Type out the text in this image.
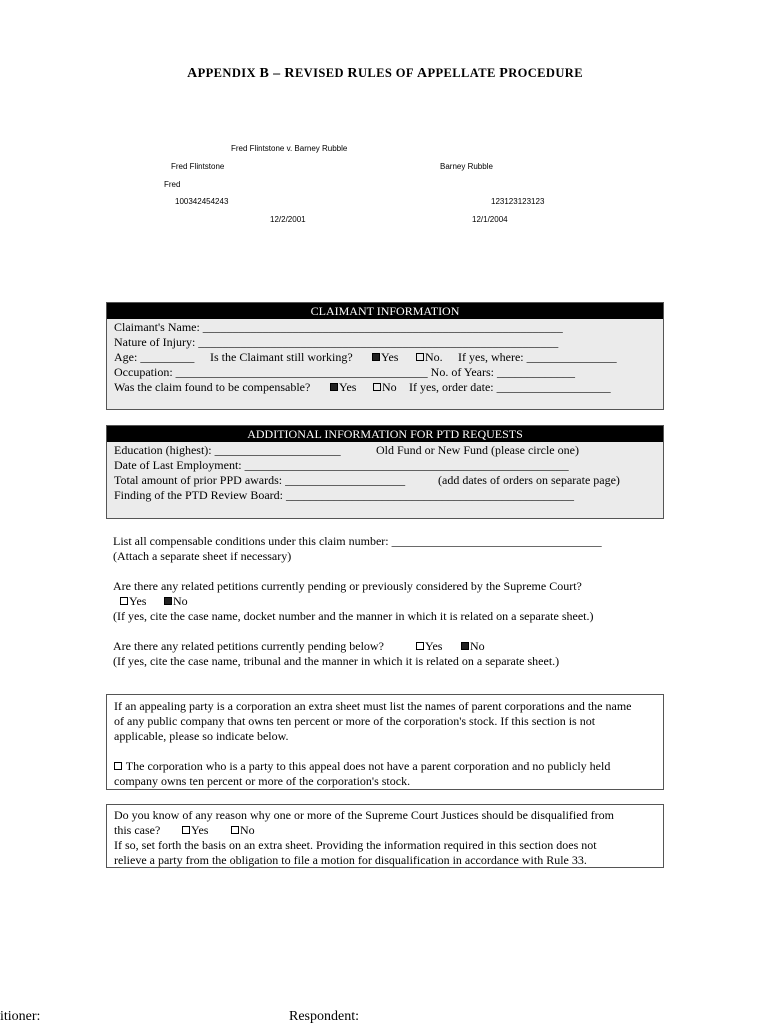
APPENDIX B – REVISED RULES OF APPELLATE PROCEDURE
Fred Flintstone v. Barney Rubble
Fred Flintstone	Barney Rubble
Fred
100342454243	123123123123
12/2/2001	12/1/2004
CLAIMANT INFORMATION
Claimant's Name: ____________________________________________________________
Nature of Injury: ____________________________________________________________
Age: _________ Is the Claimant still working?	Yes	No. If yes, where: _______________
Occupation: __________________________________________ No. of Years: _____________
Was the claim found to be compensable?	Yes	No If yes, order date: ___________________
ADDITIONAL INFORMATION FOR PTD REQUESTS
Education (highest): _____________________	Old Fund or New Fund (please circle one)
Date of Last Employment: ______________________________________________________
Total amount of prior PPD awards: ____________________	(add dates of orders on separate page)
Finding of the PTD Review Board: ________________________________________________
List all compensable conditions under this claim number: ___________________________________
(Attach a separate sheet if necessary)
Are there any related petitions currently pending or previously considered by the Supreme Court?
Yes	No
(If yes, cite the case name, docket number and the manner in which it is related on a separate sheet.)
Are there any related petitions currently pending below?	Yes	No
(If yes, cite the case name, tribunal and the manner in which it is related on a separate sheet.)
If an appealing party is a corporation an extra sheet must list the names of parent corporations and the name
of any public company that owns ten percent or more of the corporation's stock. If this section is not
applicable, please so indicate below.
The corporation who is a party to this appeal does not have a parent corporation and no publicly held
company owns ten percent or more of the corporation's stock.
Do you know of any reason why one or more of the Supreme Court Justices should be disqualified from
this case?	Yes	No
If so, set forth the basis on an extra sheet. Providing the information required in this section does not
relieve a party from the obligation to file a motion for disqualification in accordance with Rule 33.
itioner:	Respondent:
